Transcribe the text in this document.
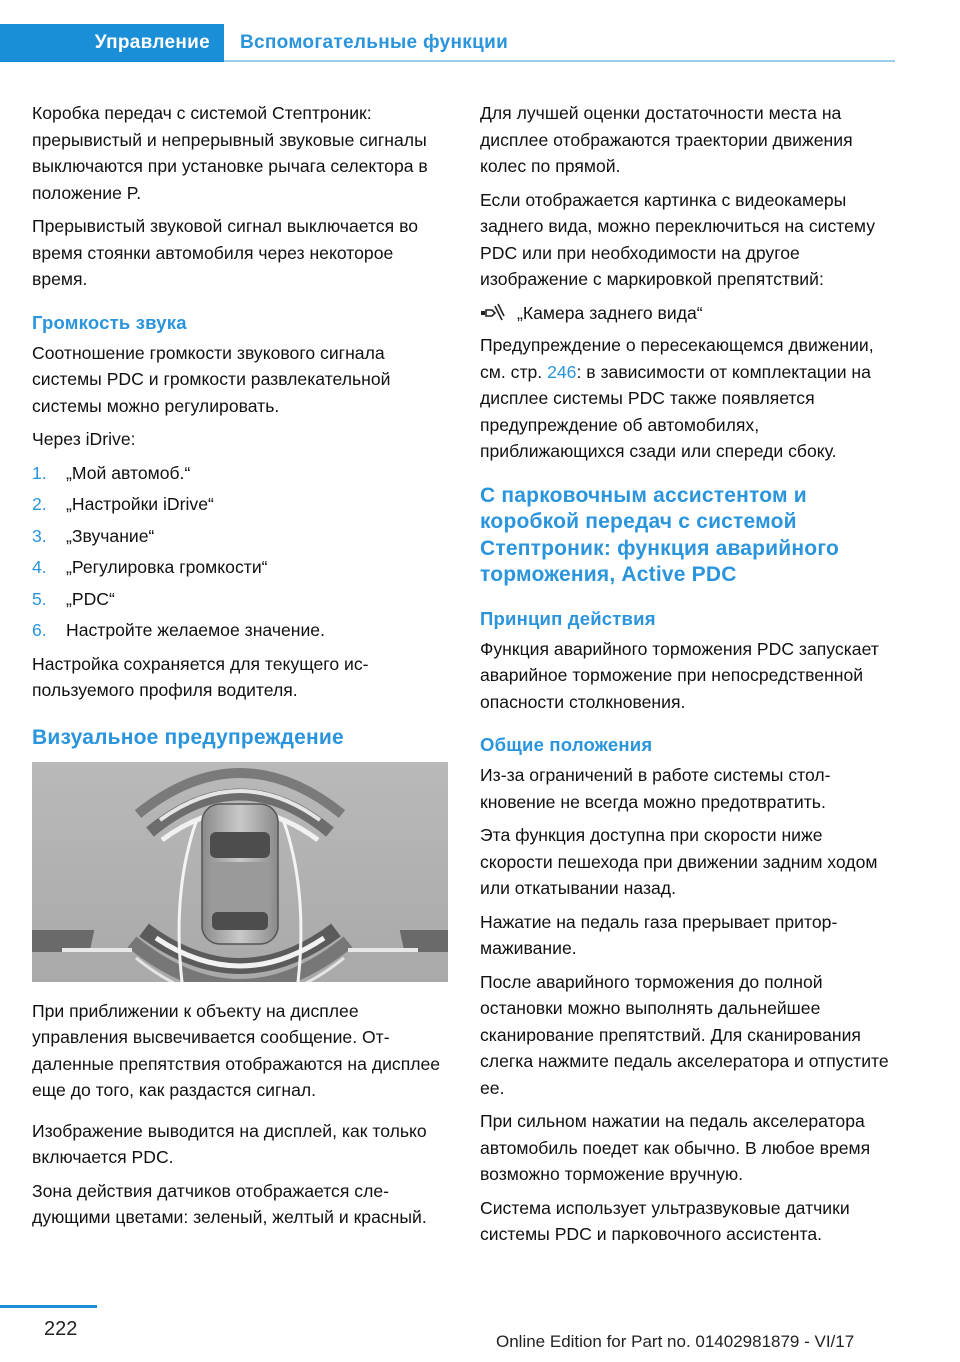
Управление	Вспомогательные функции

Коробка передач с системой Стептроник: прерывистый и непрерывный звуковые сигналы выключаются при установке рычага селектора в положение P.

Прерывистый звуковой сигнал выключается во время стоянки автомобиля через некоторое время.

Громкость звука

Соотношение громкости звукового сигнала системы PDC и громкости развлекательной системы можно регулировать.

Через iDrive:

1. „Мой автомоб.“
2. „Настройки iDrive“
3. „Звучание“
4. „Регулировка громкости“
5. „PDC“
6. Настройте желаемое значение.

Настройка сохраняется для текущего используемого профиля водителя.

Визуальное предупреждение

При приближении к объекту на дисплее управления высвечивается сообщение. Отдаленные препятствия отображаются на дисплее еще до того, как раздастся сигнал.

Изображение выводится на дисплей, как только включается PDC.

Зона действия датчиков отображается следующими цветами: зеленый, желтый и красный.

Для лучшей оценки достаточности места на дисплее отображаются траектории движения колес по прямой.

Если отображается картинка с видеокамеры заднего вида, можно переключиться на систему PDC или при необходимости на другое изображение с маркировкой препятствий:

„Камера заднего вида“

Предупреждение о пересекающемся движении, см. стр. 246: в зависимости от комплектации на дисплее системы PDC также появляется предупреждение об автомобилях, приближающихся сзади или спереди сбоку.

С парковочным ассистентом и коробкой передач с системой Стептроник: функция аварийного торможения, Active PDC
Принцип действия

Функция аварийного торможения PDC запускает аварийное торможение при непосредственной опасности столкновения.

Общие положения

Из-за ограничений в работе системы столкновение не всегда можно предотвратить.

Эта функция доступна при скорости ниже скорости пешехода при движении задним ходом или откатывании назад.

Нажатие на педаль газа прерывает притормаживание.

После аварийного торможения до полной остановки можно выполнять дальнейшее сканирование препятствий. Для сканирования слегка нажмите педаль акселератора и отпустите ее.

При сильном нажатии на педаль акселератора автомобиль поедет как обычно. В любое время возможно торможение вручную.

Система использует ультразвуковые датчики системы PDC и парковочного ассистента.

222
Online Edition for Part no. 01402981879 - VI/17
